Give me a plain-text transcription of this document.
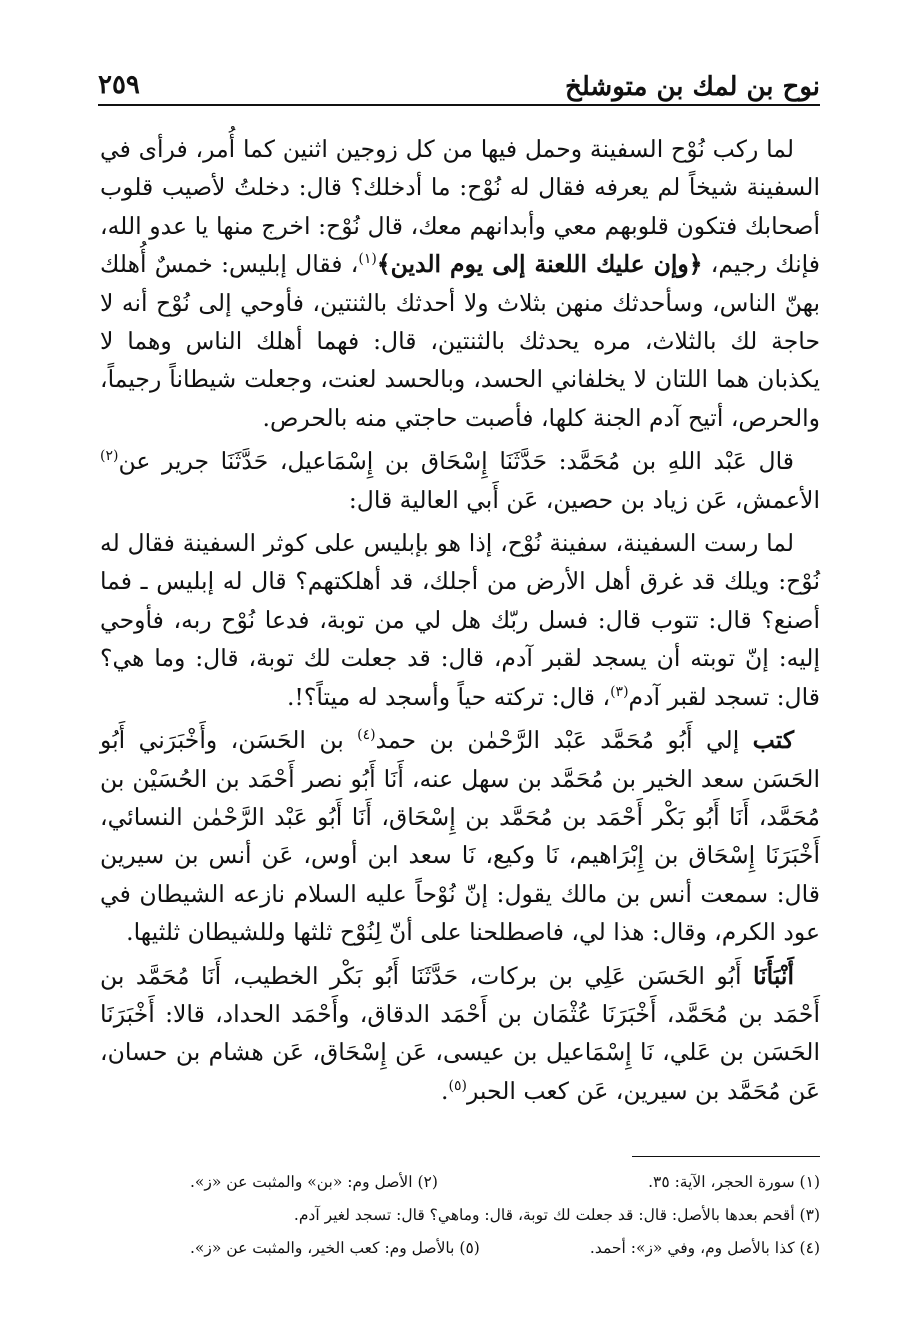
نوح بن لمك بن متوشلخ
٢٥٩

لما ركب نُوْح السفينة وحمل فيها من كل زوجين اثنين كما أُمر، فرأى في السفينة شيخاً لم يعرفه فقال له نُوْح: ما أدخلك؟ قال: دخلتُ لأصيب قلوب أصحابك فتكون قلوبهم معي وأبدانهم معك، قال نُوْح: اخرج منها يا عدو الله، فإنك رجيم، ﴿وإن عليك اللعنة إلى يوم الدين﴾$^{(١)}$، فقال إبليس: خمسٌ أُهلك بهنّ الناس، وسأحدثك منهن بثلاث ولا أحدثك بالثنتين، فأوحي إلى نُوْح أنه لا حاجة لك بالثلاث، مره يحدثك بالثنتين، قال: فهما أهلك الناس وهما لا يكذبان هما اللتان لا يخلفاني الحسد، وبالحسد لعنت، وجعلت شيطاناً رجيماً، والحرص، أتيح آدم الجنة كلها، فأصبت حاجتي منه بالحرص.

قال عَبْد اللهِ بن مُحَمَّد: حَدَّثَنَا إِسْحَاق بن إِسْمَاعيل، حَدَّثَنَا جرير عن$^{(٢)}$ الأعمش، عَن زياد بن حصين، عَن أَبي العالية قال:

لما رست السفينة، سفينة نُوْح، إذا هو بإبليس على كوثر السفينة فقال له نُوْح: ويلك قد غرق أهل الأرض من أجلك، قد أهلكتهم؟ قال له إبليس ـ فما أصنع؟ قال: تتوب قال: فسل ربّك هل لي من توبة، فدعا نُوْح ربه، فأوحي إليه: إنّ توبته أن يسجد لقبر آدم، قال: قد جعلت لك توبة، قال: وما هي؟ قال: تسجد لقبر آدم$^{(٣)}$، قال: تركته حياً وأسجد له ميتاً؟!.

كتب إلي أَبُو مُحَمَّد عَبْد الرَّحْمٰن بن حمد$^{(٤)}$ بن الحَسَن، وأَخْبَرَني أَبُو الحَسَن سعد الخير بن مُحَمَّد بن سهل عنه، أَنَا أَبُو نصر أَحْمَد بن الحُسَيْن بن مُحَمَّد، أَنَا أَبُو بَكْر أَحْمَد بن مُحَمَّد بن إِسْحَاق، أَنَا أَبُو عَبْد الرَّحْمٰن النسائي، أَخْبَرَنَا إِسْحَاق بن إِبْرَاهيم، نَا وكيع، نَا سعد ابن أوس، عَن أنس بن سيرين قال: سمعت أنس بن مالك يقول: إنّ نُوْحاً عليه السلام نازعه الشيطان في عود الكرم، وقال: هذا لي، فاصطلحنا على أنّ لِنُوْح ثلثها وللشيطان ثلثيها.

أَنْبَأَنَا أَبُو الحَسَن عَلِي بن بركات، حَدَّثَنَا أَبُو بَكْر الخطيب، أَنَا مُحَمَّد بن أَحْمَد بن مُحَمَّد، أَخْبَرَنَا عُثْمَان بن أَحْمَد الدقاق، وأَحْمَد الحداد، قالا: أَخْبَرَنَا الحَسَن بن عَلي، نَا إِسْمَاعيل بن عيسى، عَن إِسْحَاق، عَن هشام بن حسان، عَن مُحَمَّد بن سيرين، عَن كعب الحبر$^{(٥)}$.

(١) سورة الحجر، الآية: ٣٥.
(٢) الأصل وم: «بن» والمثبت عن «ز».
(٣) أقحم بعدها بالأصل: قال: قد جعلت لك توبة، قال: وماهي؟ قال: تسجد لغير آدم.
(٤) كذا بالأصل وم، وفي «ز»: أحمد.
(٥) بالأصل وم: كعب الخير، والمثبت عن «ز».
